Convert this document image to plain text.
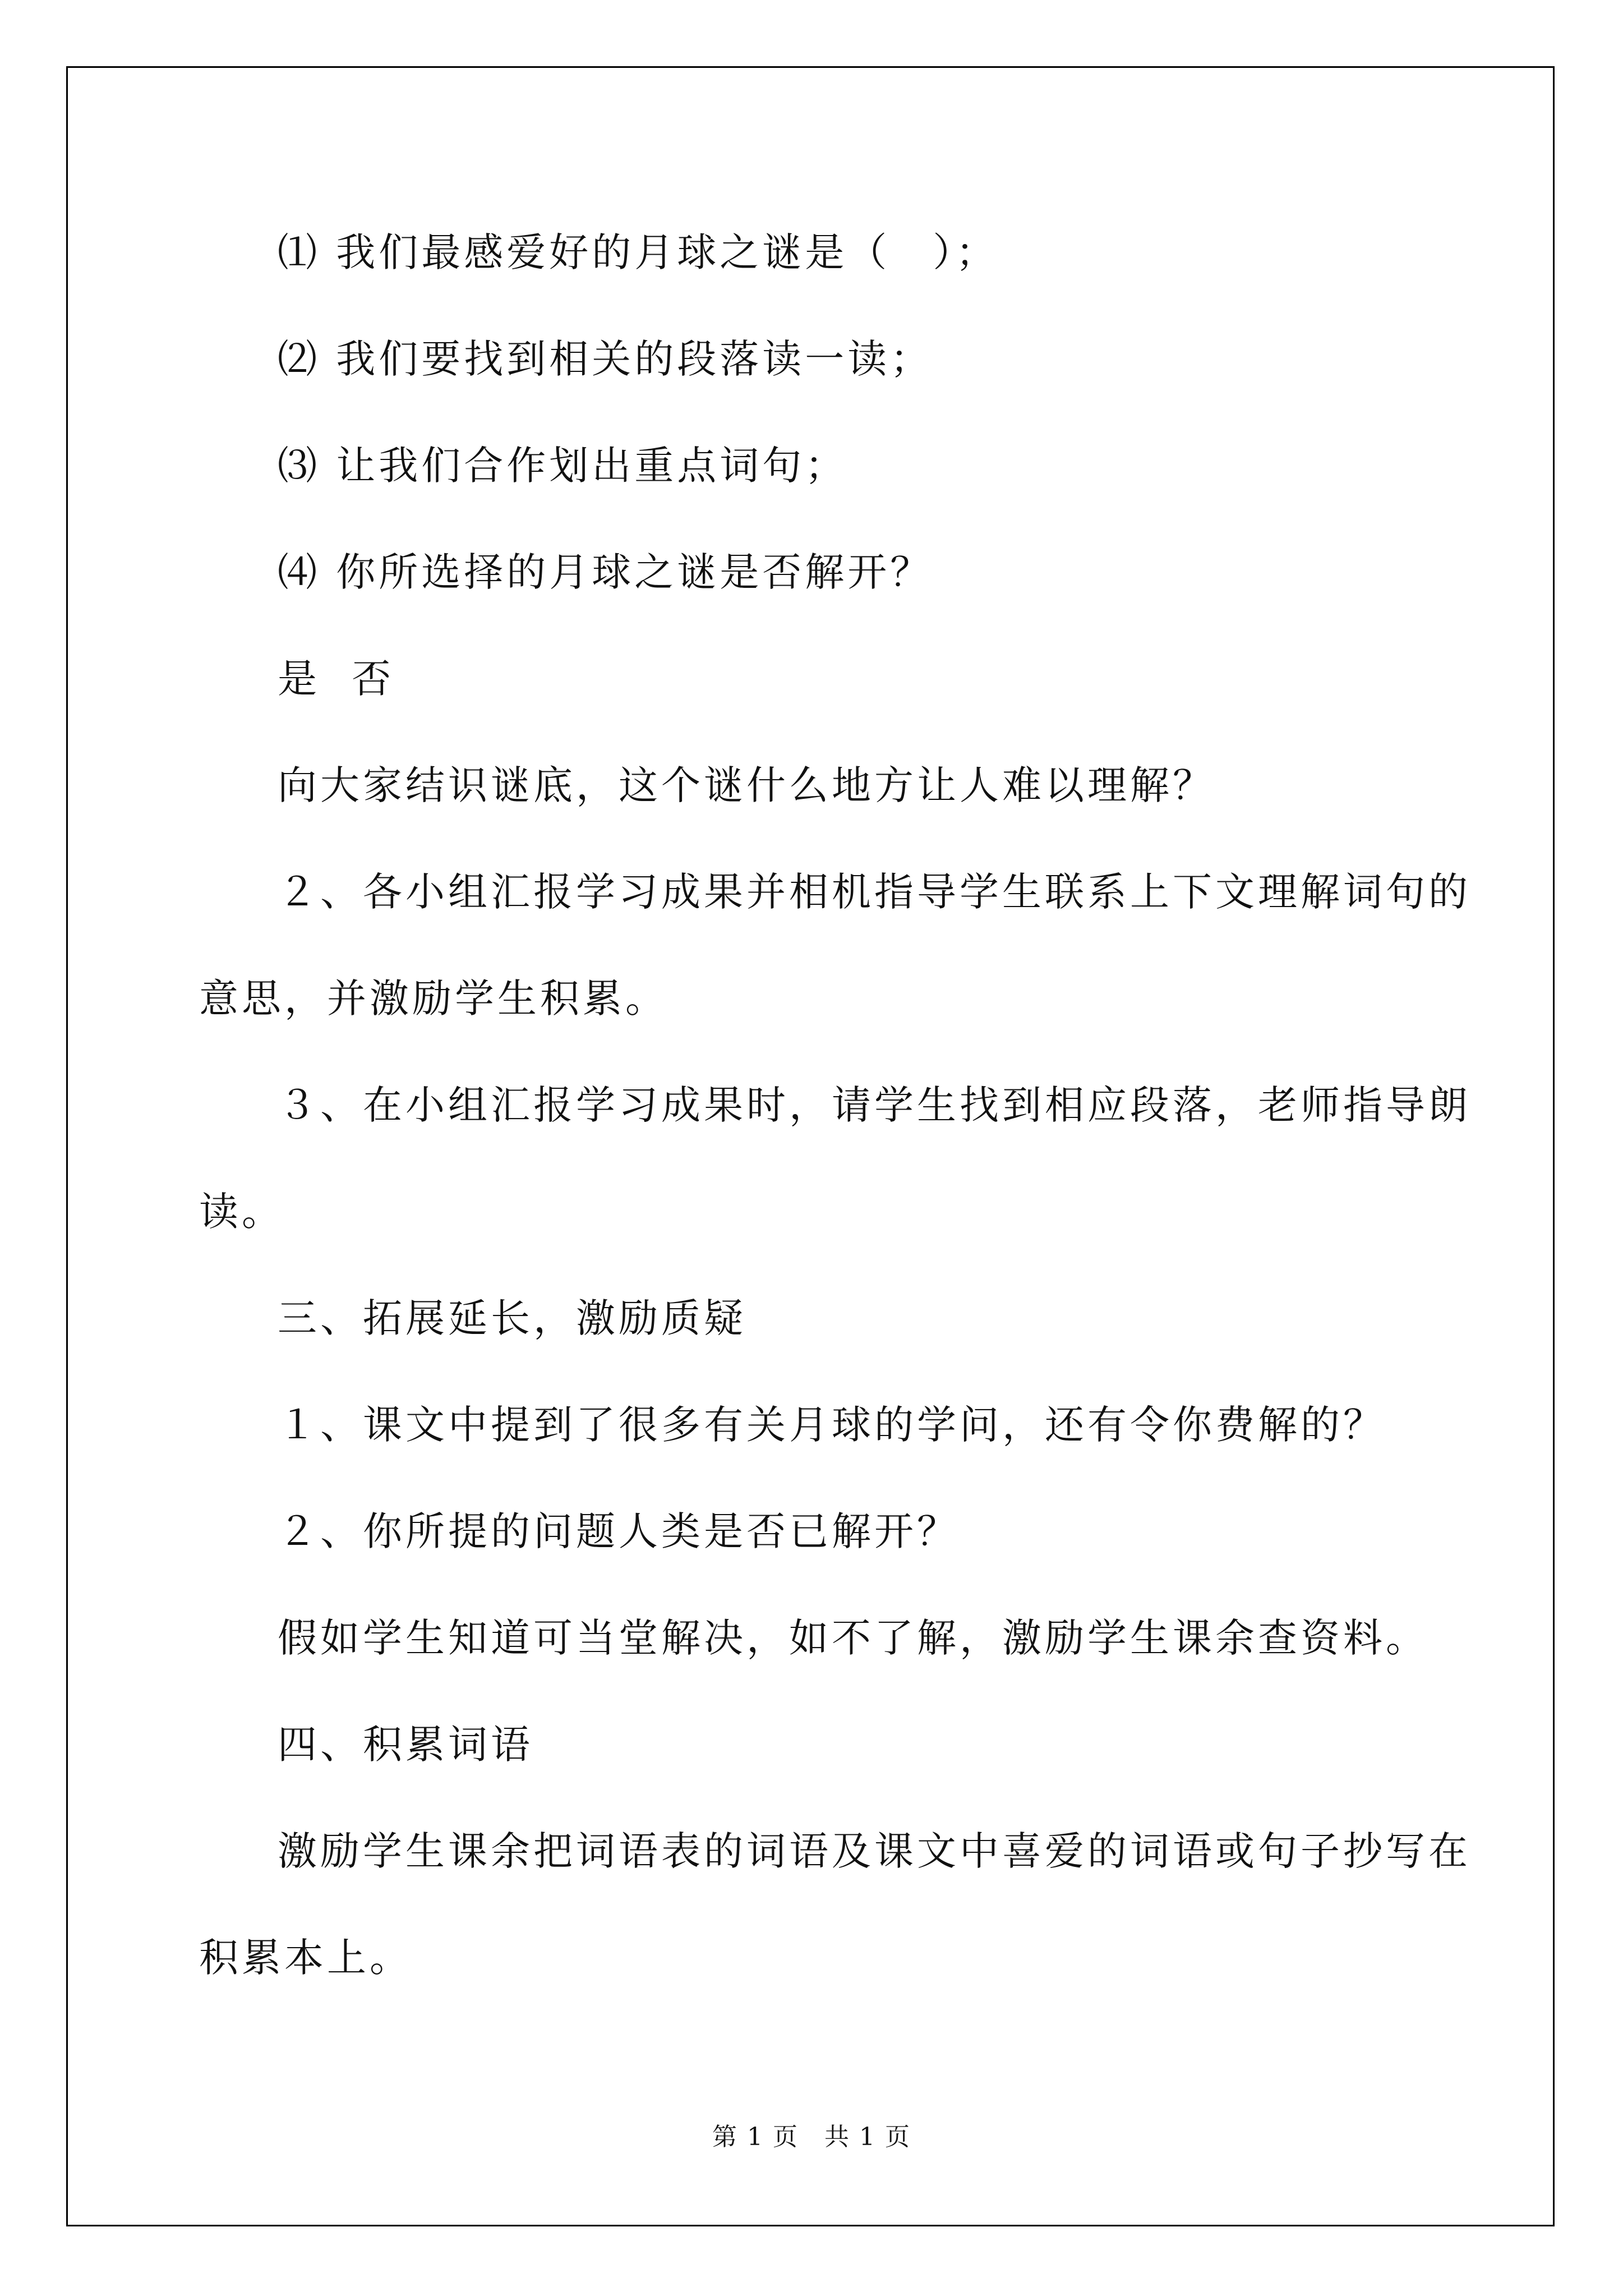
⑴ 我们最感爱好的月球之谜是（　）；
⑵ 我们要找到相关的段落读一读；
⑶ 让我们合作划出重点词句；
⑷ 你所选择的月球之谜是否解开？
是 否
向大家结识谜底，这个谜什么地方让人难以理解？
２、各小组汇报学习成果并相机指导学生联系上下文理解词句的
意思，并激励学生积累。
３、在小组汇报学习成果时，请学生找到相应段落，老师指导朗
读。
三、拓展延长，激励质疑
１、课文中提到了很多有关月球的学问，还有令你费解的？
２、你所提的问题人类是否已解开？
假如学生知道可当堂解决，如不了解，激励学生课余查资料。
四、积累词语
激励学生课余把词语表的词语及课文中喜爱的词语或句子抄写在
积累本上。
第 1 页　共 1 页
